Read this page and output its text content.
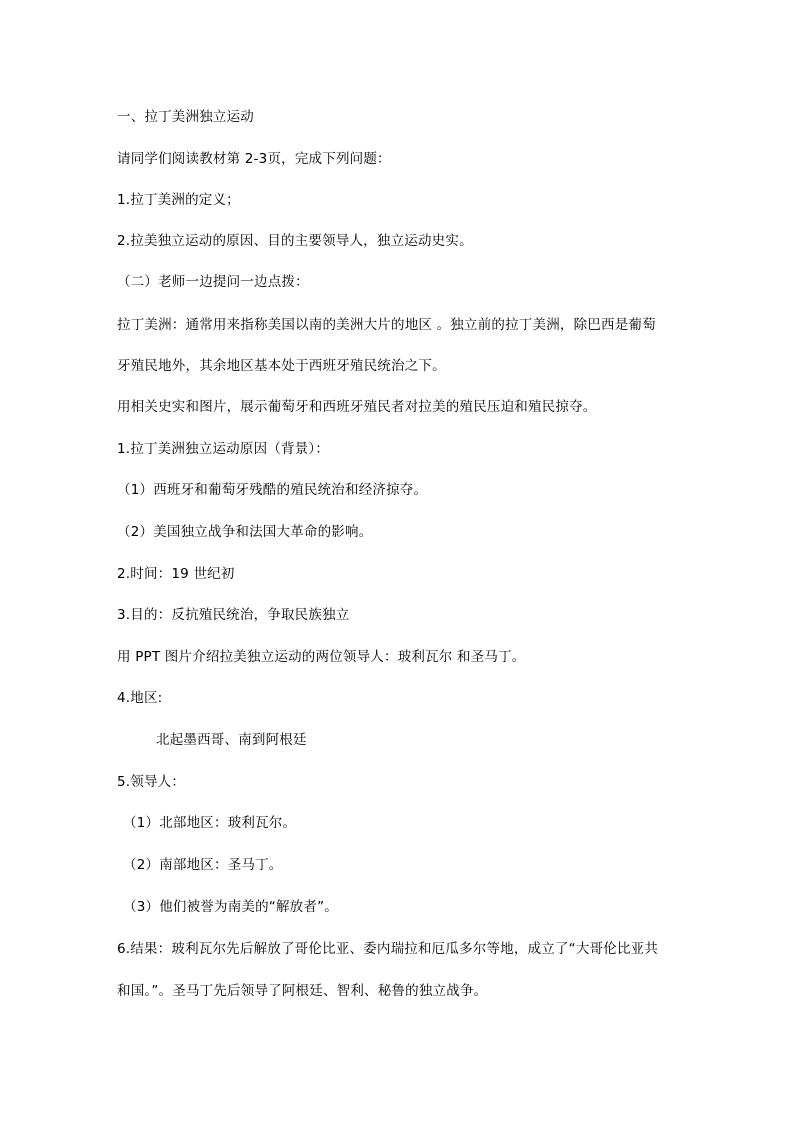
一、拉丁美洲独立运动
请同学们阅读教材第 2-3页，完成下列问题：
1.拉丁美洲的定义；
2.拉美独立运动的原因、目的主要领导人，独立运动史实。
（二）老师一边提问一边点拨：
拉丁美洲：通常用来指称美国以南的美洲大片的地区 。独立前的拉丁美洲，除巴西是葡萄
牙殖民地外，其余地区基本处于西班牙殖民统治之下。
用相关史实和图片，展示葡萄牙和西班牙殖民者对拉美的殖民压迫和殖民掠夺。
1.拉丁美洲独立运动原因（背景）：
（1）西班牙和葡萄牙残酷的殖民统治和经济掠夺。
（2）美国独立战争和法国大革命的影响。
2.时间：19 世纪初
3.目的：反抗殖民统治，争取民族独立
用 PPT 图片介绍拉美独立运动的两位领导人：玻利瓦尔 和圣马丁。
4.地区:
北起墨西哥、南到阿根廷
5.领导人：
（1）北部地区：玻利瓦尔。
（2）南部地区：圣马丁。
（3）他们被誉为南美的“解放者”。
6.结果：玻利瓦尔先后解放了哥伦比亚、委内瑞拉和厄瓜多尔等地，成立了“大哥伦比亚共
和国。”。圣马丁先后领导了阿根廷、智利、秘鲁的独立战争。
